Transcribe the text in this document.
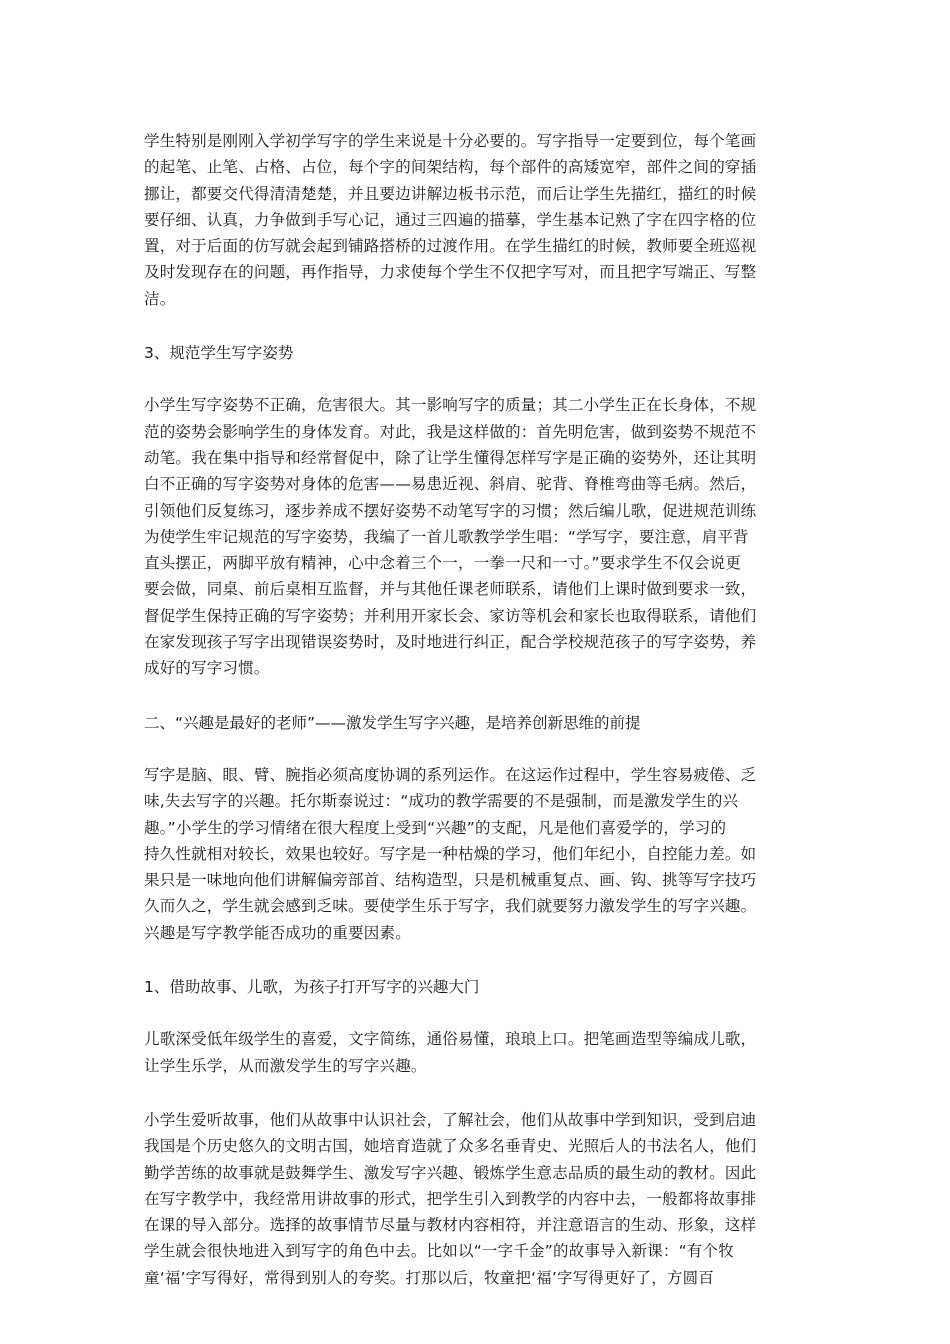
学生特别是刚刚入学初学写字的学生来说是十分必要的。写字指导一定要到位，每个笔画
的起笔、止笔、占格、占位，每个字的间架结构，每个部件的高矮宽窄，部件之间的穿插
挪让，都要交代得清清楚楚，并且要边讲解边板书示范，而后让学生先描红，描红的时候
要仔细、认真，力争做到手写心记，通过三四遍的描摹，学生基本记熟了字在四字格的位
置，对于后面的仿写就会起到铺路搭桥的过渡作用。在学生描红的时候，教师要全班巡视
及时发现存在的问题，再作指导，力求使每个学生不仅把字写对，而且把字写端正、写整
洁。

3、规范学生写字姿势

小学生写字姿势不正确，危害很大。其一影响写字的质量；其二小学生正在长身体，不规
范的姿势会影响学生的身体发育。对此，我是这样做的：首先明危害，做到姿势不规范不
动笔。我在集中指导和经常督促中，除了让学生懂得怎样写字是正确的姿势外，还让其明
白不正确的写字姿势对身体的危害——易患近视、斜肩、驼背、脊椎弯曲等毛病。然后，
引领他们反复练习，逐步养成不摆好姿势不动笔写字的习惯；然后编儿歌，促进规范训练
为使学生牢记规范的写字姿势，我编了一首儿歌教学学生唱：“学写字，要注意，肩平背
直头摆正，两脚平放有精神，心中念着三个一，一拳一尺和一寸。”要求学生不仅会说更
要会做，同桌、前后桌相互监督，并与其他任课老师联系，请他们上课时做到要求一致，
督促学生保持正确的写字姿势；并利用开家长会、家访等机会和家长也取得联系，请他们
在家发现孩子写字出现错误姿势时，及时地进行纠正，配合学校规范孩子的写字姿势，养
成好的写字习惯。

二、“兴趣是最好的老师”——激发学生写字兴趣，是培养创新思维的前提

写字是脑、眼、臂、腕指必须高度协调的系列运作。在这运作过程中，学生容易疲倦、乏
味,失去写字的兴趣。托尔斯泰说过：“成功的教学需要的不是强制，而是激发学生的兴
趣。”小学生的学习情绪在很大程度上受到“兴趣”的支配，凡是他们喜爱学的，学习的
持久性就相对较长，效果也较好。写字是一种枯燥的学习，他们年纪小，自控能力差。如
果只是一味地向他们讲解偏旁部首、结构造型，只是机械重复点、画、钩、挑等写字技巧
久而久之，学生就会感到乏味。要使学生乐于写字，我们就要努力激发学生的写字兴趣。
兴趣是写字教学能否成功的重要因素。

1、借助故事、儿歌，为孩子打开写字的兴趣大门

儿歌深受低年级学生的喜爱，文字简练，通俗易懂，琅琅上口。把笔画造型等编成儿歌，
让学生乐学，从而激发学生的写字兴趣。
小学生爱听故事，他们从故事中认识社会，了解社会，他们从故事中学到知识，受到启迪
我国是个历史悠久的文明古国，她培育造就了众多名垂青史、光照后人的书法名人，他们
勤学苦练的故事就是鼓舞学生、激发写字兴趣、锻炼学生意志品质的最生动的教材。因此
在写字教学中，我经常用讲故事的形式，把学生引入到教学的内容中去，一般都将故事排
在课的导入部分。选择的故事情节尽量与教材内容相符，并注意语言的生动、形象，这样
学生就会很快地进入到写字的角色中去。比如以“一字千金”的故事导入新课：“有个牧
童‘福’字写得好，常得到别人的夸奖。打那以后，牧童把‘福’字写得更好了，方圆百
